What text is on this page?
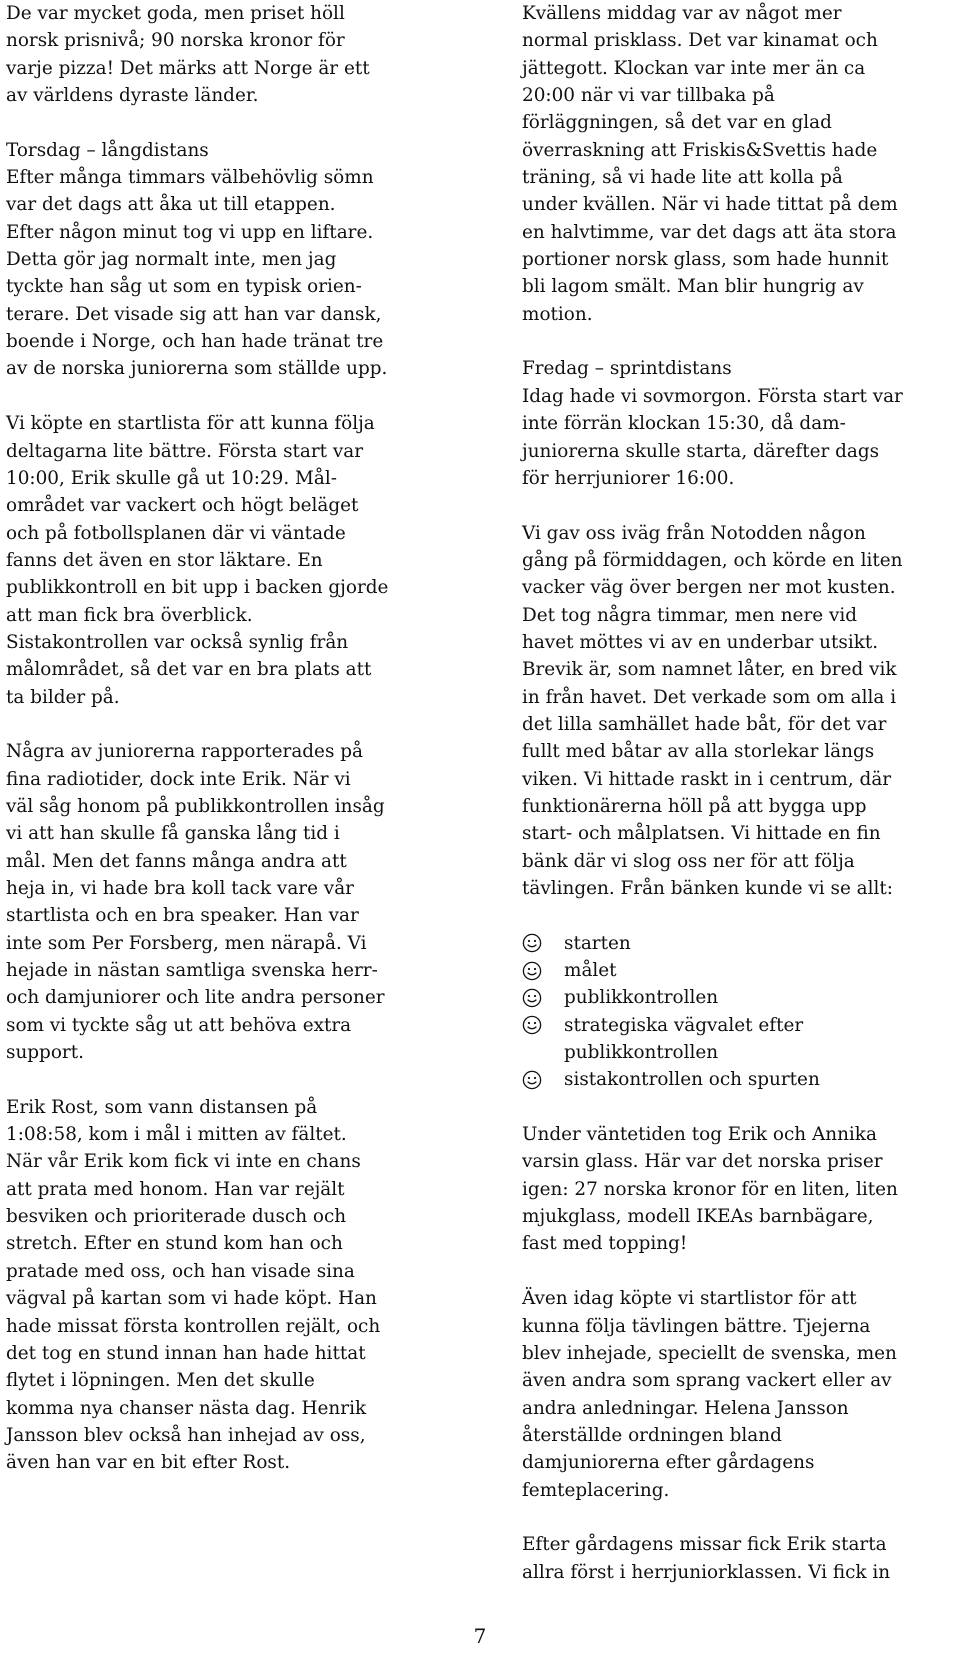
De var mycket goda, men priset höll
norsk prisnivå; 90 norska kronor för
varje pizza! Det märks att Norge är ett
av världens dyraste länder.

Torsdag – långdistans

Efter många timmars välbehövlig sömn
var det dags att åka ut till etappen.
Efter någon minut tog vi upp en liftare.
Detta gör jag normalt inte, men jag
tyckte han såg ut som en typisk orien-
terare. Det visade sig att han var dansk,
boende i Norge, och han hade tränat tre
av de norska juniorerna som ställde upp.

Vi köpte en startlista för att kunna följa
deltagarna lite bättre. Första start var
10:00, Erik skulle gå ut 10:29. Mål-
området var vackert och högt beläget
och på fotbollsplanen där vi väntade
fanns det även en stor läktare. En
publikkontroll en bit upp i backen gjorde
att man fick bra överblick.
Sistakontrollen var också synlig från
målområdet, så det var en bra plats att
ta bilder på.

Några av juniorerna rapporterades på
fina radiotider, dock inte Erik. När vi
väl såg honom på publikkontrollen insåg
vi att han skulle få ganska lång tid i
mål. Men det fanns många andra att
heja in, vi hade bra koll tack vare vår
startlista och en bra speaker. Han var
inte som Per Forsberg, men närapå. Vi
hejade in nästan samtliga svenska herr-
och damjuniorer och lite andra personer
som vi tyckte såg ut att behöva extra
support.

Erik Rost, som vann distansen på
1:08:58, kom i mål i mitten av fältet.
När vår Erik kom fick vi inte en chans
att prata med honom. Han var rejält
besviken och prioriterade dusch och
stretch. Efter en stund kom han och
pratade med oss, och han visade sina
vägval på kartan som vi hade köpt. Han
hade missat första kontrollen rejält, och
det tog en stund innan han hade hittat
flytet i löpningen. Men det skulle
komma nya chanser nästa dag. Henrik
Jansson blev också han inhejad av oss,
även han var en bit efter Rost.

Kvällens middag var av något mer
normal prisklass. Det var kinamat och
jättegott. Klockan var inte mer än ca
20:00 när vi var tillbaka på
förläggningen, så det var en glad
överraskning att Friskis&Svettis hade
träning, så vi hade lite att kolla på
under kvällen. När vi hade tittat på dem
en halvtimme, var det dags att äta stora
portioner norsk glass, som hade hunnit
bli lagom smält. Man blir hungrig av
motion.

Fredag – sprintdistans

Idag hade vi sovmorgon. Första start var
inte förrän klockan 15:30, då dam-
juniorerna skulle starta, därefter dags
för herrjuniorer 16:00.

Vi gav oss iväg från Notodden någon
gång på förmiddagen, och körde en liten
vacker väg över bergen ner mot kusten.
Det tog några timmar, men nere vid
havet möttes vi av en underbar utsikt.
Brevik är, som namnet låter, en bred vik
in från havet. Det verkade som om alla i
det lilla samhället hade båt, för det var
fullt med båtar av alla storlekar längs
viken. Vi hittade raskt in i centrum, där
funktionärerna höll på att bygga upp
start- och målplatsen. Vi hittade en fin
bänk där vi slog oss ner för att följa
tävlingen. Från bänken kunde vi se allt:

starten
målet
publikkontrollen
strategiska vägvalet efter
publikkontrollen
sistakontrollen och spurten

Under väntetiden tog Erik och Annika
varsin glass. Här var det norska priser
igen: 27 norska kronor för en liten, liten
mjukglass, modell IKEAs barnbägare,
fast med topping!

Även idag köpte vi startlistor för att
kunna följa tävlingen bättre. Tjejerna
blev inhejade, speciellt de svenska, men
även andra som sprang vackert eller av
andra anledningar. Helena Jansson
återställde ordningen bland
damjuniorerna efter gårdagens
femteplacering.

Efter gårdagens missar fick Erik starta
allra först i herrjuniorklassen. Vi fick in

7
